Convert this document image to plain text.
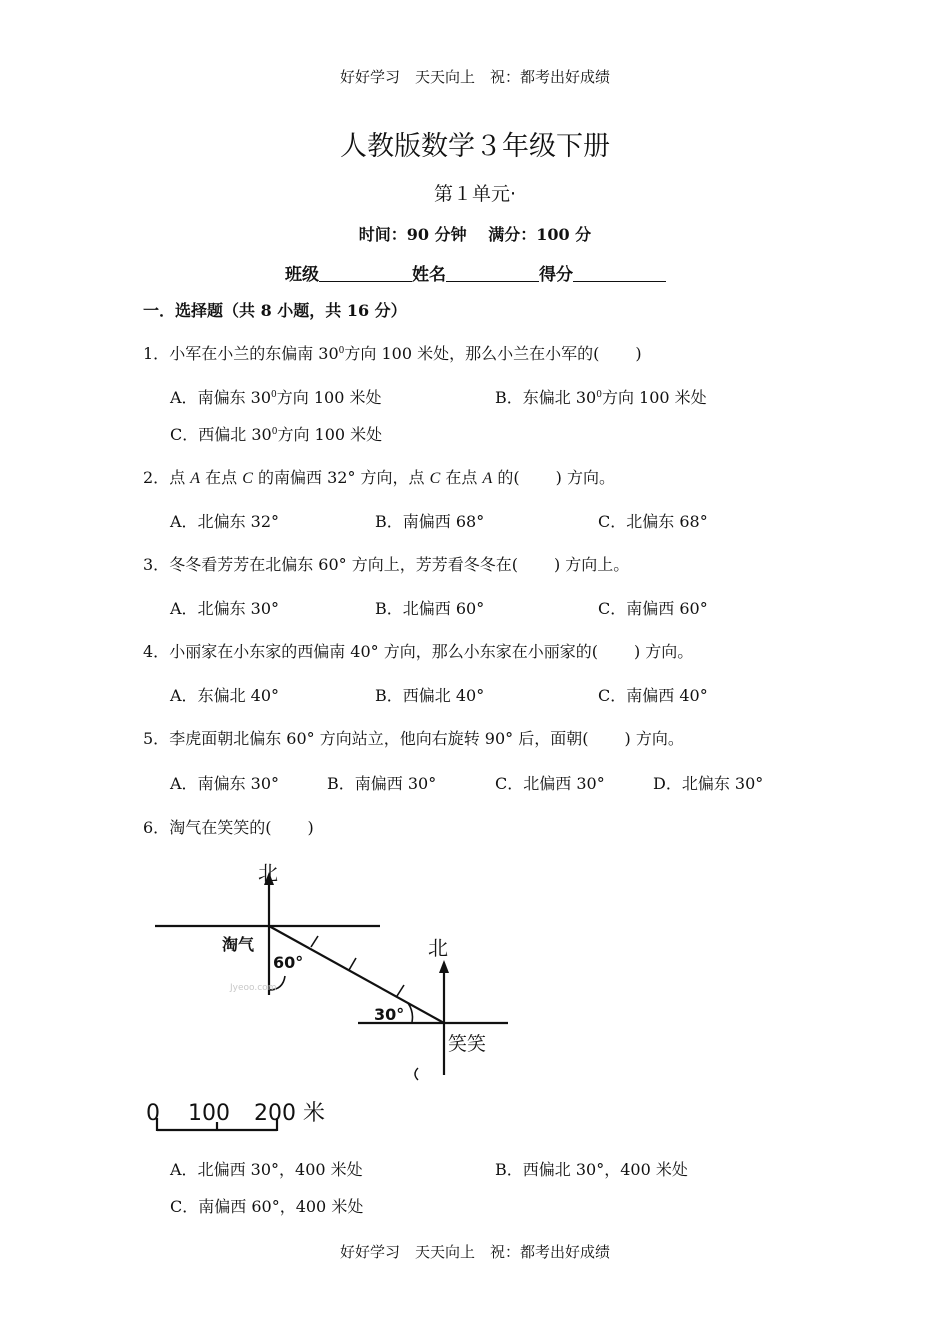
好好学习　天天向上　祝：都考出好成绩
人教版数学３年级下册
第１单元·
时间：90 分钟　 满分：100 分
班级	姓名	得分
一．选择题（共 8 小题，共 16 分）
1．小军在小兰的东偏南 $30^0$方向 100 米处，那么小兰在小军的( )
A．南偏东 $30^0$方向 100 米处	B．东偏北 $30^0$方向 100 米处
C．西偏北 $30^0$方向 100 米处
2．点 A 在点 C 的南偏西 32° 方向，点 C 在点 A 的( ) 方向。
A．北偏东 32°	B．南偏西 68°	C．北偏东 68°
3．冬冬看芳芳在北偏东 60° 方向上，芳芳看冬冬在( ) 方向上。
A．北偏东 30°	B．北偏西 60°	C．南偏西 60°
4．小丽家在小东家的西偏南 40° 方向，那么小东家在小丽家的( ) 方向。
A．东偏北 40°	B．西偏北 40°	C．南偏西 40°
5．李虎面朝北偏东 60° 方向站立，他向右旋转 90° 后，面朝( ) 方向。
A．南偏东 30°	B．南偏西 30°	C．北偏西 30°	D．北偏东 30°
6．淘气在笑笑的( )
北
北
淘气
笑笑
60°
30°
Jyeoo.com
0 100 200 米
A．北偏西 30°，400 米处	B．西偏北 30°，400 米处
C．南偏西 60°，400 米处
好好学习　天天向上　祝：都考出好成绩
